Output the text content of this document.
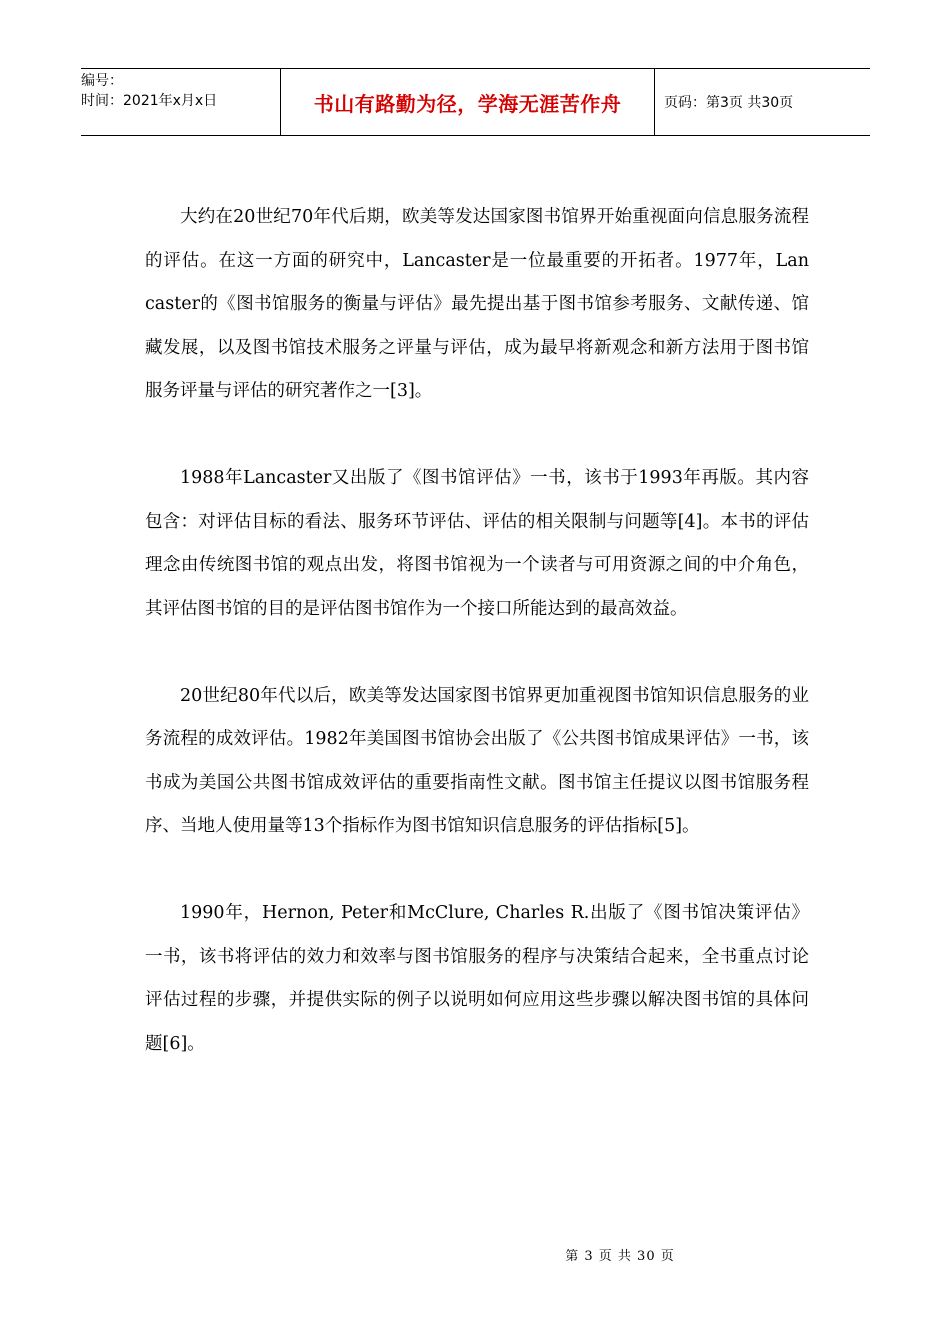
编号：
时间：2021年x月x日	书山有路勤为径，学海无涯苦作舟	页码：第3页 共30页

大约在20世纪70年代后期，欧美等发达国家图书馆界开始重视面向信息服务流程的评估。在这一方面的研究中，Lancaster是一位最重要的开拓者。1977年，Lan caster的《图书馆服务的衡量与评估》最先提出基于图书馆参考服务、文献传递、馆藏发展，以及图书馆技术服务之评量与评估，成为最早将新观念和新方法用于图书馆服务评量与评估的研究著作之一[3]。

1988年Lancaster又出版了《图书馆评估》一书，该书于1993年再版。其内容包含：对评估目标的看法、服务环节评估、评估的相关限制与问题等[4]。本书的评估理念由传统图书馆的观点出发，将图书馆视为一个读者与可用资源之间的中介角色，其评估图书馆的目的是评估图书馆作为一个接口所能达到的最高效益。

20世纪80年代以后，欧美等发达国家图书馆界更加重视图书馆知识信息服务的业务流程的成效评估。1982年美国图书馆协会出版了《公共图书馆成果评估》一书，该书成为美国公共图书馆成效评估的重要指南性文献。图书馆主任提议以图书馆服务程序、当地人使用量等13个指标作为图书馆知识信息服务的评估指标[5]。

1990年，Hernon, Peter和McClure, Charles R.出版了《图书馆决策评估》一书，该书将评估的效力和效率与图书馆服务的程序与决策结合起来，全书重点讨论评估过程的步骤，并提供实际的例子以说明如何应用这些步骤以解决图书馆的具体问题[6]。

第 3 页 共 30 页
